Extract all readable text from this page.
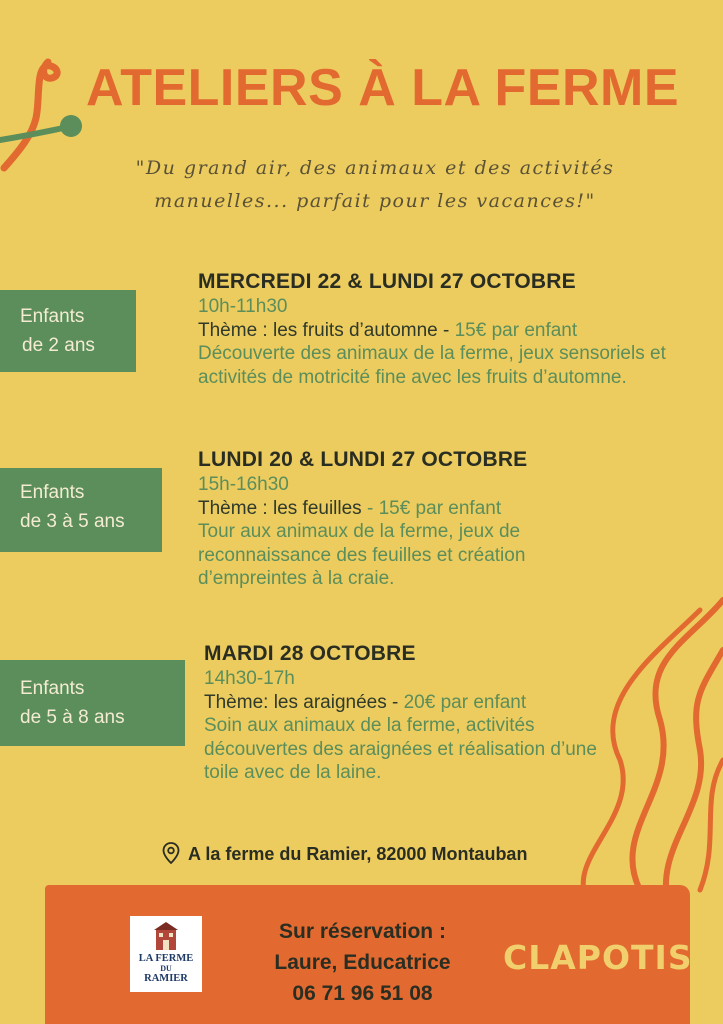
ATELIERS À LA FERME
"Du grand air, des animaux et des activités
manuelles... parfait pour les vacances!"
Enfants
de 2 ans
MERCREDI 22 & LUNDI 27 OCTOBRE
10h-11h30
Thème : les fruits d’automne - 15€ par enfant
Découverte des animaux de la ferme, jeux sensoriels et activités de motricité fine avec les fruits d’automne.
Enfants
de 3 à 5 ans
LUNDI 20 & LUNDI 27 OCTOBRE
15h-16h30
Thème : les feuilles - 15€ par enfant
Tour aux animaux de la ferme, jeux de reconnaissance des feuilles et création d’empreintes à la craie.
Enfants
de 5 à 8 ans
MARDI 28 OCTOBRE
14h30-17h
Thème: les araignées - 20€ par enfant
Soin aux animaux de la ferme, activités découvertes des araignées et réalisation d’une toile avec de la laine.
A la ferme du Ramier, 82000 Montauban
LA FERME
DU
RAMIER
Sur réservation :
Laure, Educatrice
06 71 96 51 08
CLAPOTIS
